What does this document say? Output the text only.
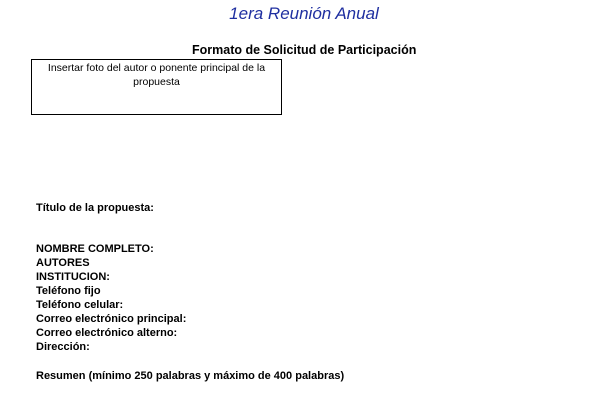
1era Reunión Anual
Formato de Solicitud de Participación
Insertar foto del autor o ponente principal de la propuesta
Título de la propuesta:
NOMBRE COMPLETO:
AUTORES
INSTITUCION:
Teléfono fijo
Teléfono celular:
Correo electrónico principal:
Correo electrónico alterno:
Dirección:
Resumen (mínimo 250 palabras y máximo de 400 palabras)
